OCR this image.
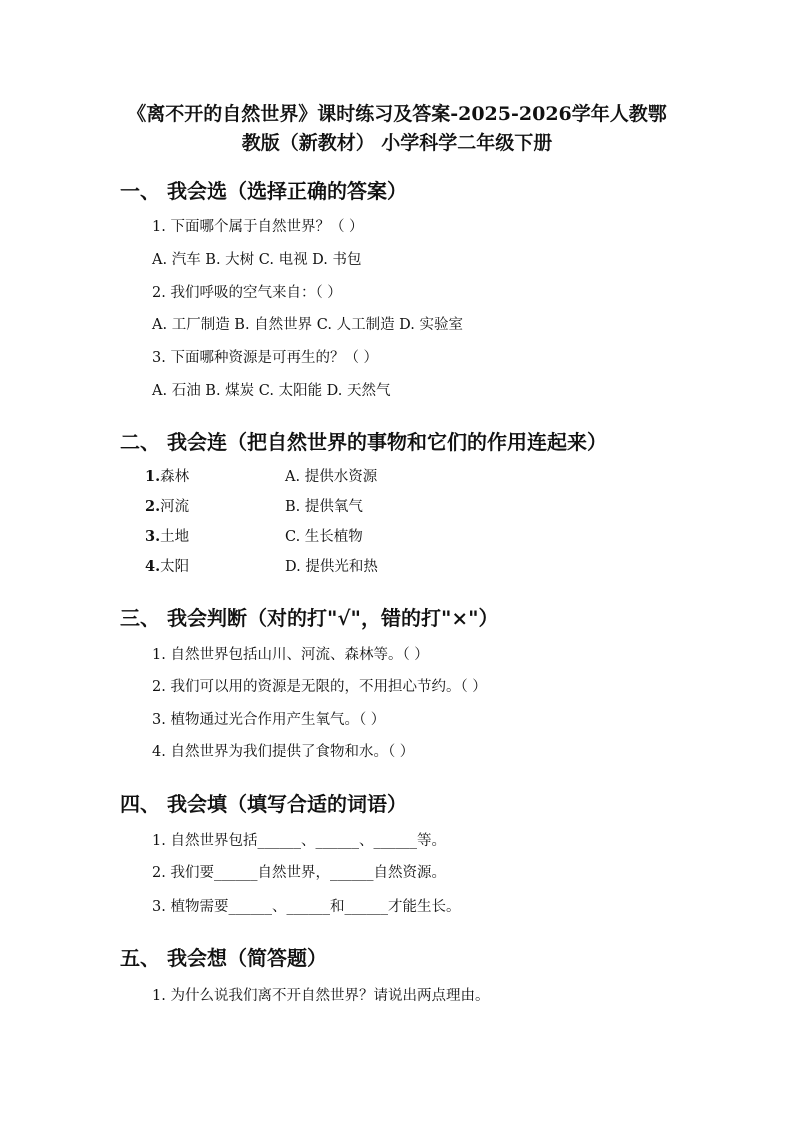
《离不开的自然世界》课时练习及答案-2025-2026学年人教鄂
教版（新教材） 小学科学二年级下册
一、 我会选（选择正确的答案）
1. 下面哪个属于自然世界？（ ）
A. 汽车 B. 大树 C. 电视 D. 书包
2. 我们呼吸的空气来自：（ ）
A. 工厂制造 B. 自然世界 C. 人工制造 D. 实验室
3. 下面哪种资源是可再生的？（ ）
A. 石油 B. 煤炭 C. 太阳能 D. 天然气
二、 我会连（把自然世界的事物和它们的作用连起来）
1.森林
2.河流
3.土地
4.太阳
A. 提供水资源
B. 提供氧气
C. 生长植物
D. 提供光和热
三、 我会判断（对的打"√"，错的打"×"）
1. 自然世界包括山川、河流、森林等。（ ）
2. 我们可以用的资源是无限的，不用担心节约。（ ）
3. 植物通过光合作用产生氧气。（ ）
4. 自然世界为我们提供了食物和水。（ ）
四、 我会填（填写合适的词语）
1. 自然世界包括______、______、______等。
2. 我们要______自然世界，______自然资源。
3. 植物需要______、______和______才能生长。
五、 我会想（简答题）
1. 为什么说我们离不开自然世界？请说出两点理由。
